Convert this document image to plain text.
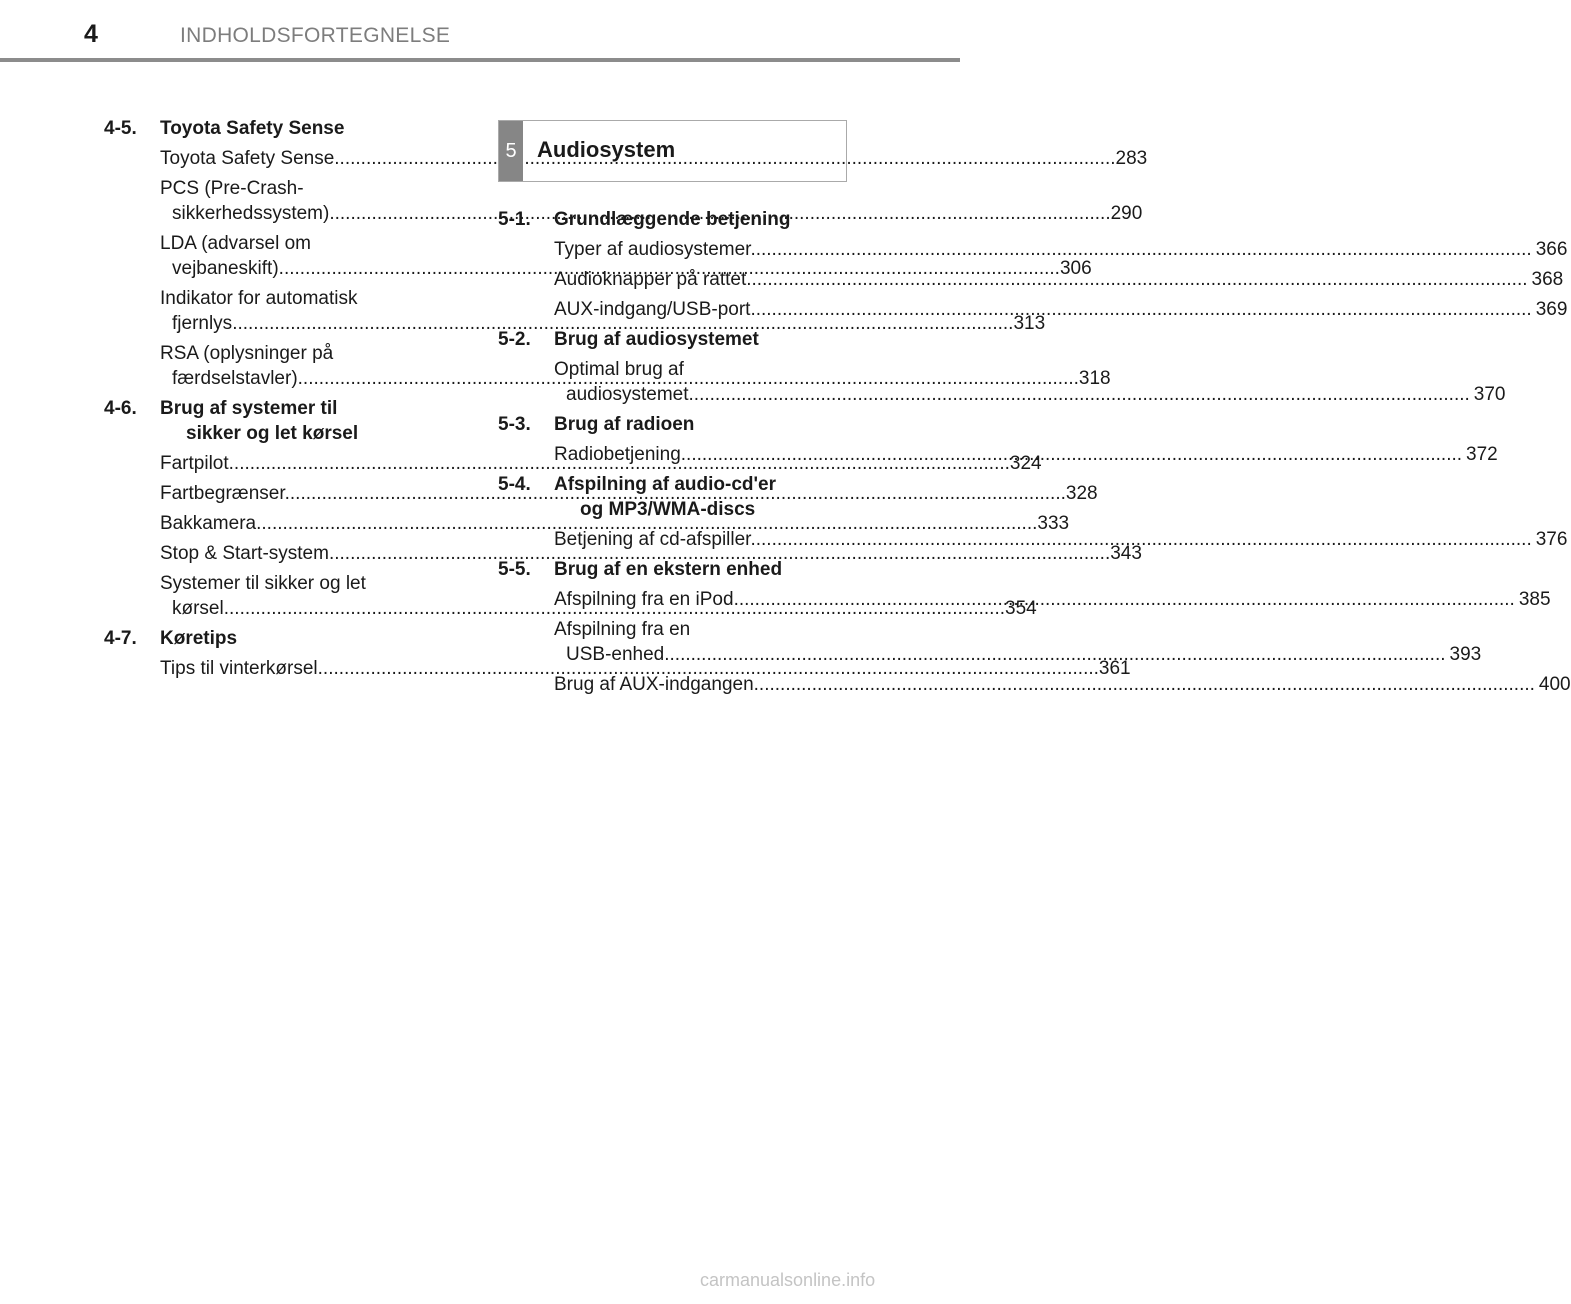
4	INDHOLDSFORTEGNELSE
4-5. Toyota Safety Sense
Toyota Safety Sense .....	283
PCS (Pre-Crash-
sikkerhedssystem) .....	290
LDA (advarsel om
vejbaneskift) .....	306
Indikator for automatisk
fjernlys .....	313
RSA (oplysninger på
færdselstavler) .....	318
4-6. Brug af systemer til
sikker og let kørsel
Fartpilot .....	324
Fartbegrænser .....	328
Bakkamera .....	333
Stop & Start-system .....	343
Systemer til sikker og let
kørsel .....	354
4-7. Køretips
Tips til vinterkørsel .....	361
5 Audiosystem
5-1. Grundlæggende betjening
Typer af audiosystemer .....	366
Audioknapper på rattet .....	368
AUX-indgang/USB-port .....	369
5-2. Brug af audiosystemet
Optimal brug af
audiosystemet .....	370
5-3. Brug af radioen
Radiobetjening .....	372
5-4. Afspilning af audio-cd'er
og MP3/WMA-discs
Betjening af cd-afspiller .....	376
5-5. Brug af en ekstern enhed
Afspilning fra en iPod .....	385
Afspilning fra en
USB-enhed .....	393
Brug af AUX-indgangen .....	400
carmanualsonline.info
